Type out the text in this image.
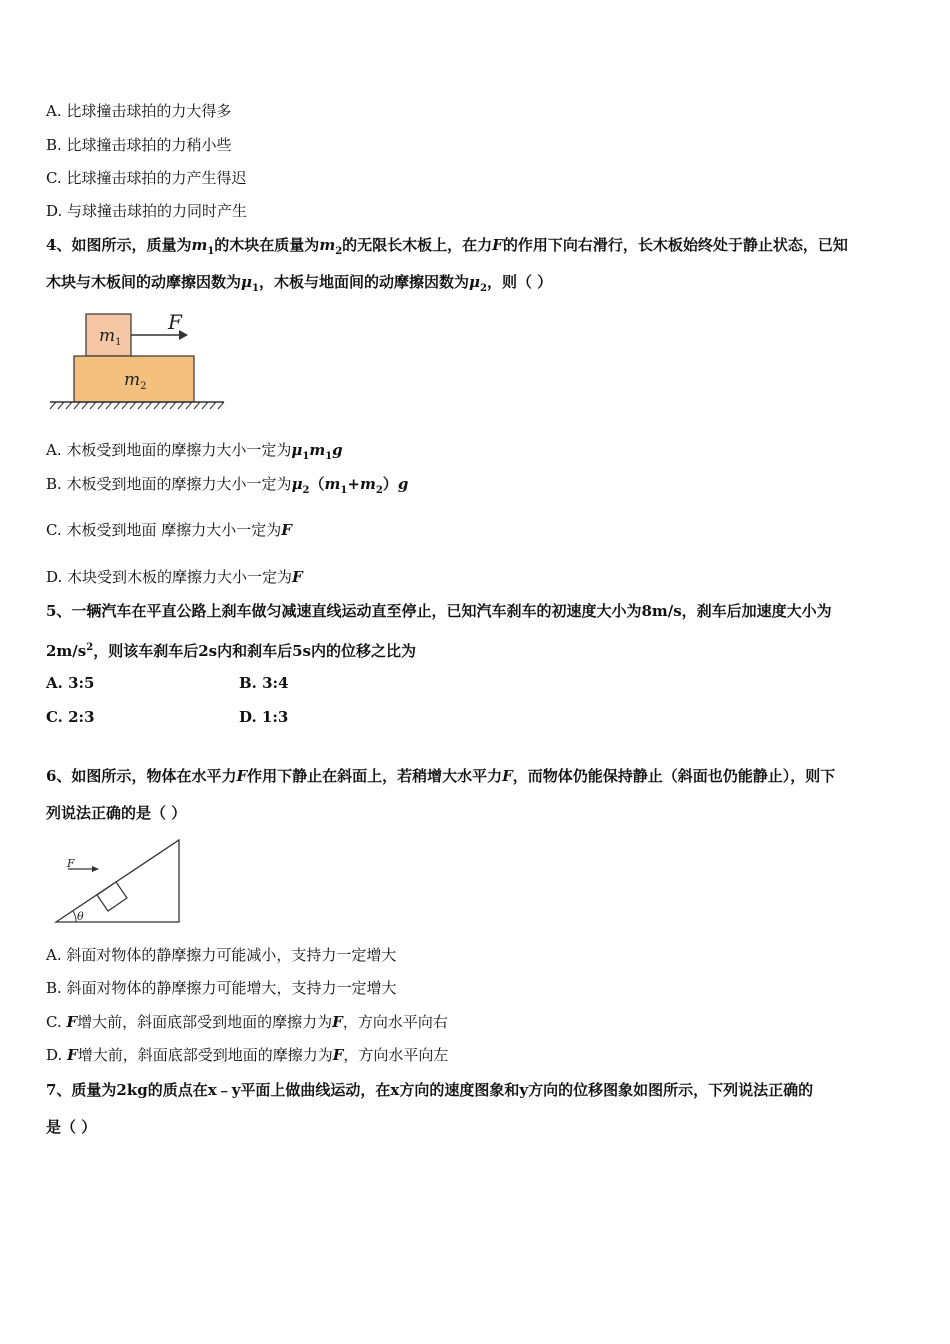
A. 比球撞击球拍的力大得多
B. 比球撞击球拍的力稍小些
C. 比球撞击球拍的力产生得迟
D. 与球撞击球拍的力同时产生
4、如图所示，质量为$m_1$的木块在质量为$m_2$的无限长木板上，在力F的作用下向右滑行，长木板始终处于静止状态，已知
木块与木板间的动摩擦因数为$\mu_1$，木板与地面间的动摩擦因数为$\mu_2$，则（ ）
$m_1$
$m_2$
F
A. 木板受到地面的摩擦力大小一定为$\mu_1m_1g$
B. 木板受到地面的摩擦力大小一定为$\mu_2(m_1+m_2)g$
C. 木板受到地面 摩擦力大小一定为F
D. 木块受到木板的摩擦力大小一定为F
5、一辆汽车在平直公路上刹车做匀减速直线运动直至停止，已知汽车刹车的初速度大小为8m/s，刹车后加速度大小为
$2m/s^2$，则该车刹车后2s内和刹车后5s内的位移之比为
A. 3:5	B. 3:4
C. 2:3	D. 1:3
6、如图所示，物体在水平力F作用下静止在斜面上，若稍增大水平力F，而物体仍能保持静止（斜面也仍能静止），则下
列说法正确的是（ ）
F
θ
A. 斜面对物体的静摩擦力可能减小，支持力一定增大
B. 斜面对物体的静摩擦力可能增大，支持力一定增大
C. F增大前，斜面底部受到地面的摩擦力为F，方向水平向右
D. F增大前，斜面底部受到地面的摩擦力为F，方向水平向左
7、质量为2kg的质点在x﹣y平面上做曲线运动，在x方向的速度图象和y方向的位移图象如图所示，下列说法正确的
是（ ）
